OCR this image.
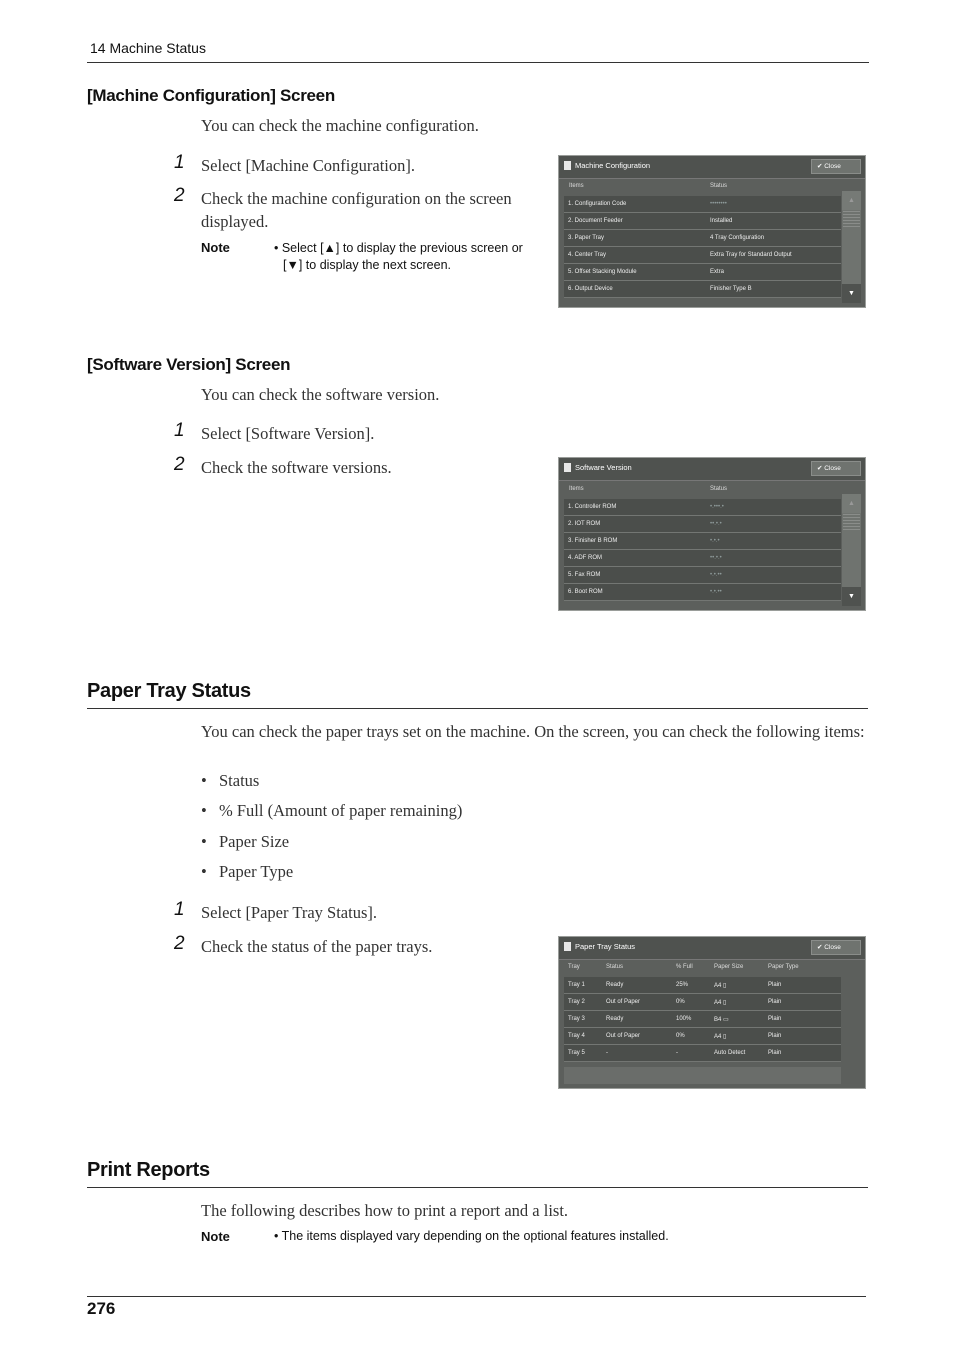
14 Machine Status
[Machine Configuration] Screen
You can check the machine configuration.
1 Select [Machine Configuration].
2 Check the machine configuration on the screen displayed.
Note	• Select [▲] to display the previous screen or
[▼] to display the next screen.
Machine Configuration	✔ Close
Items	Status
1. Configuration Code	••••••••
2. Document Feeder	Installed
3. Paper Tray	4 Tray Configuration
4. Center Tray	Extra Tray for Standard Output
5. Offset Stacking Module	Extra
6. Output Device	Finisher Type B
▲
▼
[Software Version] Screen
You can check the software version.
1 Select [Software Version].
2 Check the software versions.	Software Version	✔ Close
Items	Status
1. Controller ROM	•.•••.•
2. IOT ROM	••.•.•
3. Finisher B ROM	•.•.•
4. ADF ROM	••.•.•
5. Fax ROM	•.•.••
6. Boot ROM	•.•.••
▲
▼
Paper Tray Status
You can check the paper trays set on the machine. On the screen, you can check the following items:
• Status
• % Full (Amount of paper remaining)
• Paper Size
• Paper Type
1 Select [Paper Tray Status].
2 Check the status of the paper trays.	Paper Tray Status	✔ Close
Tray	Status	% Full	Paper Size	Paper Type
Tray 1	Ready	25%	A4 ▯	Plain
Tray 2	Out of Paper	0%	A4 ▯	Plain
Tray 3	Ready	100%	B4 ▭	Plain
Tray 4	Out of Paper	0%	A4 ▯	Plain
Tray 5	-	-	Auto Detect	Plain
Print Reports
The following describes how to print a report and a list.
Note	• The items displayed vary depending on the optional features installed.
276
